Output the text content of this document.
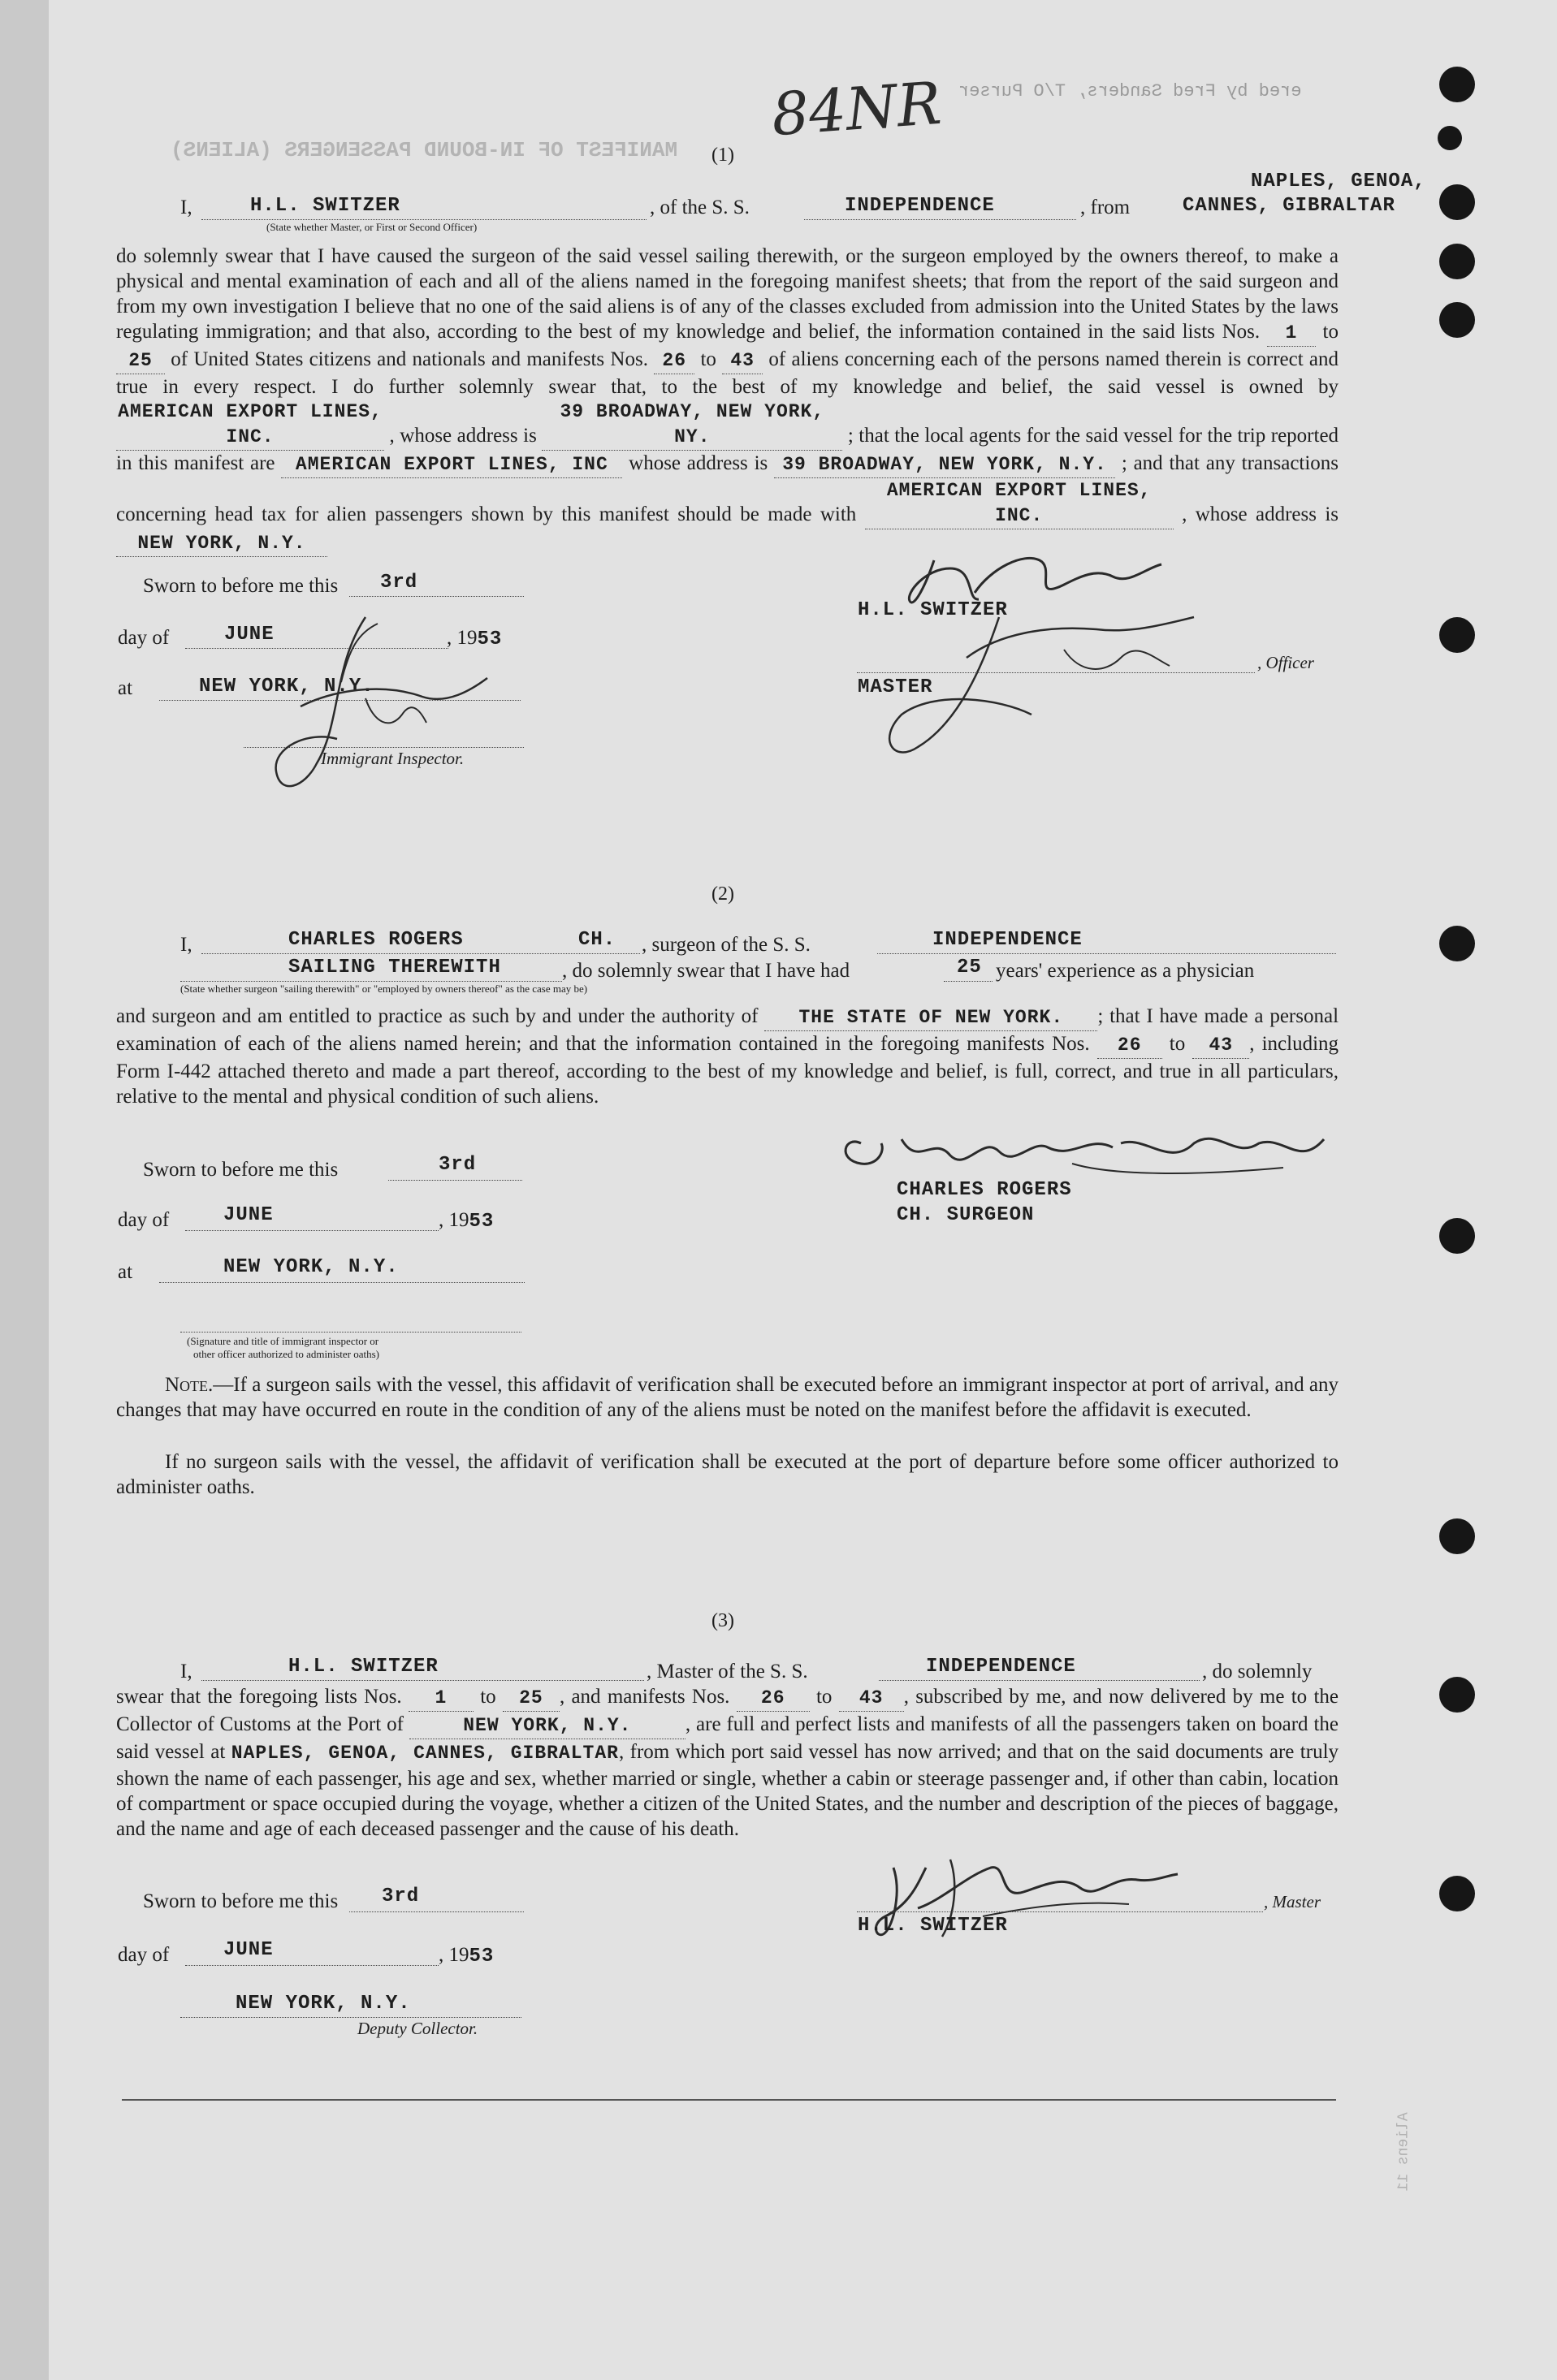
ered by Fred Sanders, T/O Purser
MANIFEST OF IN-BOUND PASSENGERS (ALIENS)
Aliens 11
84NR
(1)
I,	H.L. SWITZER	, of the S. S.	INDEPENDENCE	, from
NAPLES, GENOA,
CANNES, GIBRALTAR
(State whether Master, or First or Second Officer)
do solemnly swear that I have caused the surgeon of the said vessel sailing therewith, or the surgeon employed by the owners thereof, to make a physical and mental examination of each and all of the aliens named in the foregoing manifest sheets; that from the report of the said surgeon and from my own investigation I believe that no one of the said aliens is of any of the classes excluded from admission into the United States by the laws regulating immigration; and that also, according to the best of my knowledge and belief, the information contained in the said lists Nos. 1 to 25 of United States citizens and nationals and manifests Nos. 26 to 43 of aliens concerning each of the persons named therein is correct and true in every respect. I do further solemnly swear that, to the best of my knowledge and belief, the said vessel is owned by AMERICAN EXPORT LINES, INC.	, whose address is 39 BROADWAY, NEW YORK, NY.	; that the local agents for the said vessel for the trip reported in this manifest are AMERICAN EXPORT LINES, INC whose address is 39 BROADWAY, NEW YORK, N.Y. ; and that any transactions concerning head tax for alien passengers shown by this manifest should be made with AMERICAN EXPORT LINES, INC.	, whose address is NEW YORK, N.Y.
Sworn to before me this 3rd
day of	JUNE	, 1953
at	NEW YORK, N.Y.
Immigrant Inspector.
H.L. SWITZER
, Officer
MASTER
(2)
I,	CHARLES ROGERS	CH. , surgeon of the S. S.	INDEPENDENCE
SAILING THEREWITH	, do solemnly swear that I have had	25 years' experience as a physician
(State whether surgeon "sailing therewith" or "employed by owners thereof" as the case may be)
and surgeon and am entitled to practice as such by and under the authority of THE STATE OF NEW YORK. ; that I have made a personal examination of each of the aliens named herein; and that the information contained in the foregoing manifests Nos. 26 to 43 , including Form I-442 attached thereto and made a part thereof, according to the best of my knowledge and belief, is full, correct, and true in all particulars, relative to the mental and physical condition of such aliens.
Sworn to before me this	3rd
day of	JUNE	, 1953
at	NEW YORK, N.Y.
(Signature and title of immigrant inspector or
other officer authorized to administer oaths)
CHARLES ROGERS
CH. SURGEON
Note.—If a surgeon sails with the vessel, this affidavit of verification shall be executed before an immigrant inspector at port of arrival, and any changes that may have occurred en route in the condition of any of the aliens must be noted on the manifest before the affidavit is executed.
If no surgeon sails with the vessel, the affidavit of verification shall be executed at the port of departure before some officer authorized to administer oaths.
(3)
I,	H.L. SWITZER	, Master of the S. S.	INDEPENDENCE	, do solemnly
swear that the foregoing lists Nos. 1 to 25 , and manifests Nos. 26 to 43 , subscribed by me, and now delivered by me to the Collector of Customs at the Port of	NEW YORK, N.Y.	, are full and perfect lists and manifests of all the passengers taken on board the said vessel at NAPLES, GENOA, CANNES, GIBRALTAR, from which port said vessel has now arrived; and that on the said documents are truly shown the name of each passenger, his age and sex, whether married or single, whether a cabin or steerage passenger and, if other than cabin, location of compartment or space occupied during the voyage, whether a citizen of the United States, and the number and description of the pieces of baggage, and the name and age of each deceased passenger and the cause of his death.
Sworn to before me this 3rd
day of	JUNE	, 1953
NEW YORK, N.Y.
Deputy Collector.
, Master
H.L. SWITZER
